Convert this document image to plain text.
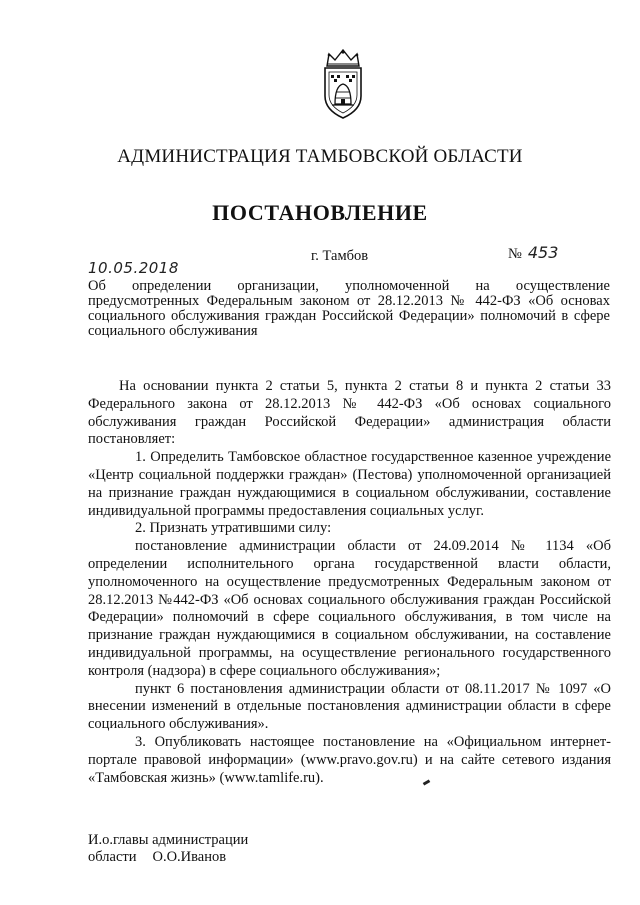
АДМИНИСТРАЦИЯ ТАМБОВСКОЙ ОБЛАСТИ
ПОСТАНОВЛЕНИЕ
10.05.2018
г. Тамбов	№ 453

Об определении организации, уполномоченной на осуществление предусмотренных Федеральным законом от 28.12.2013 № 442-ФЗ «Об основах социального обслуживания граждан Российской Федерации» полномочий в сфере социального обслуживания

На основании пункта 2 статьи 5, пункта 2 статьи 8 и пункта 2 статьи 33 Федерального закона от 28.12.2013 № 442-ФЗ «Об основах социального обслуживания граждан Российской Федерации» администрация области постановляет:

1. Определить Тамбовское областное государственное казенное учреждение «Центр социальной поддержки граждан» (Пестова) уполномоченной организацией на признание граждан нуждающимися в социальном обслуживании, составление индивидуальной программы предоставления социальных услуг.

2. Признать утратившими силу:

постановление администрации области от 24.09.2014 № 1134 «Об определении исполнительного органа государственной власти области, уполномоченного на осуществление предусмотренных Федеральным законом от 28.12.2013 №442-ФЗ «Об основах социального обслуживания граждан Российской Федерации» полномочий в сфере социального обслуживания, в том числе на признание граждан нуждающимися в социальном обслуживании, на составление индивидуальной программы, на осуществление регионального государственного контроля (надзора) в сфере социального обслуживания»;

пункт 6 постановления администрации области от 08.11.2017 № 1097 «О внесении изменений в отдельные постановления администрации области в сфере социального обслуживания».

3. Опубликовать настоящее постановление на «Официальном интернет-портале правовой информации» (www.pravo.gov.ru) и на сайте сетевого издания «Тамбовская жизнь» (www.tamlife.ru).

И.о.главы администрации
области О.О.Иванов
